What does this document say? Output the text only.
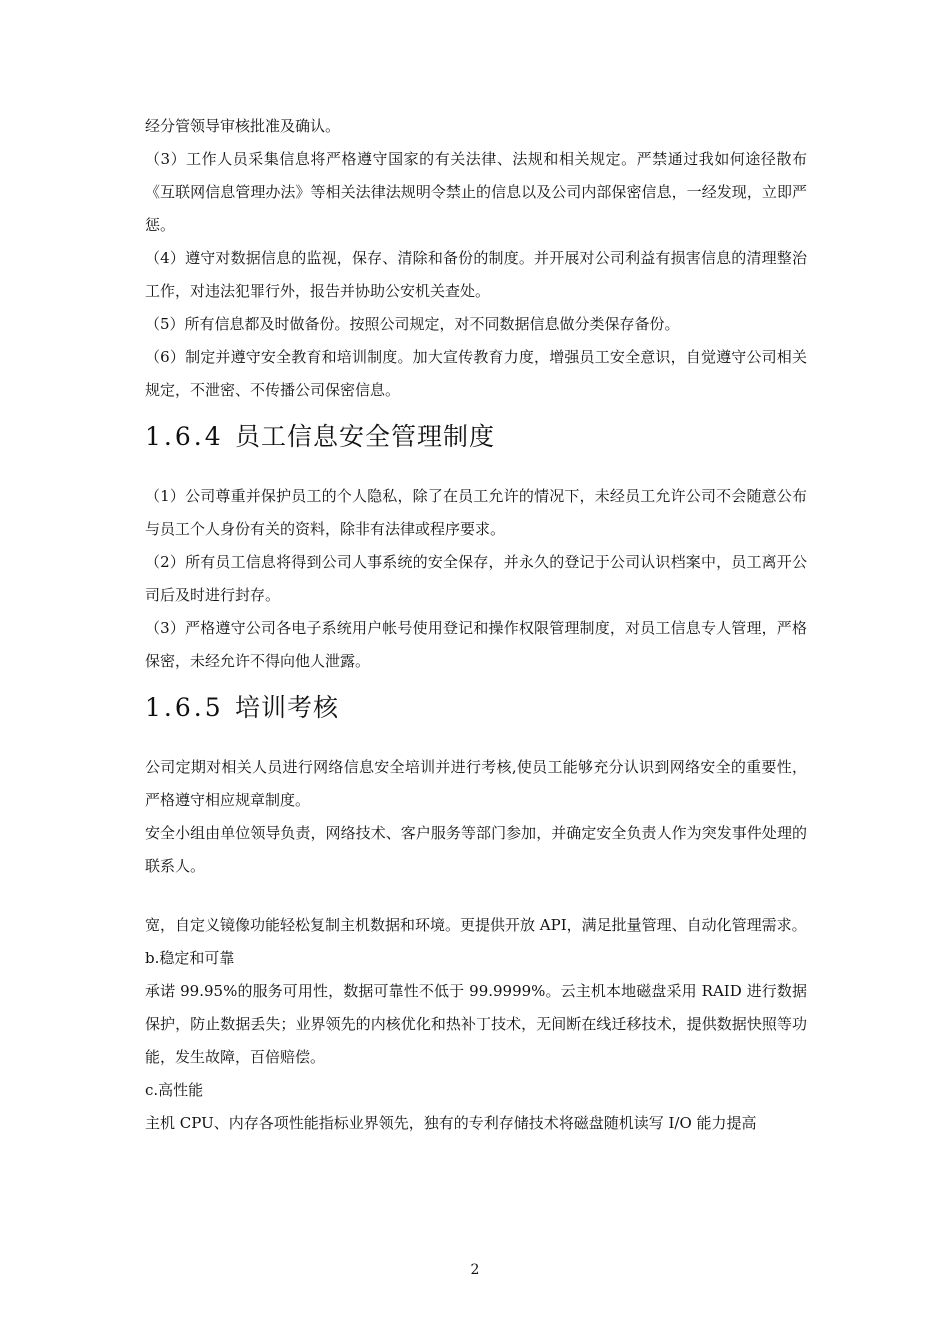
经分管领导审核批准及确认。

（3）工作人员采集信息将严格遵守国家的有关法律、法规和相关规定。严禁通过我如何途径散布《互联网信息管理办法》等相关法律法规明令禁止的信息以及公司内部保密信息，一经发现，立即严惩。

（4）遵守对数据信息的监视，保存、清除和备份的制度。并开展对公司利益有损害信息的清理整治工作，对违法犯罪行外，报告并协助公安机关查处。

（5）所有信息都及时做备份。按照公司规定，对不同数据信息做分类保存备份。

（6）制定并遵守安全教育和培训制度。加大宣传教育力度，增强员工安全意识，自觉遵守公司相关规定，不泄密、不传播公司保密信息。

1.6.4 员工信息安全管理制度

（1）公司尊重并保护员工的个人隐私，除了在员工允许的情况下，未经员工允许公司不会随意公布与员工个人身份有关的资料，除非有法律或程序要求。

（2）所有员工信息将得到公司人事系统的安全保存，并永久的登记于公司认识档案中，员工离开公司后及时进行封存。

（3）严格遵守公司各电子系统用户帐号使用登记和操作权限管理制度，对员工信息专人管理，严格保密，未经允许不得向他人泄露。

1.6.5 培训考核

公司定期对相关人员进行网络信息安全培训并进行考核,使员工能够充分认识到网络安全的重要性，严格遵守相应规章制度。

安全小组由单位领导负责，网络技术、客户服务等部门参加，并确定安全负责人作为突发事件处理的联系人。

宽，自定义镜像功能轻松复制主机数据和环境。更提供开放 API，满足批量管理、自动化管理需求。

b.稳定和可靠

承诺 99.95%的服务可用性，数据可靠性不低于 99.9999%。云主机本地磁盘采用 RAID 进行数据保护，防止数据丢失；业界领先的内核优化和热补丁技术，无间断在线迁移技术，提供数据快照等功能，发生故障，百倍赔偿。

c.高性能

主机 CPU、内存各项性能指标业界领先，独有的专利存储技术将磁盘随机读写 I/O 能力提高

2
